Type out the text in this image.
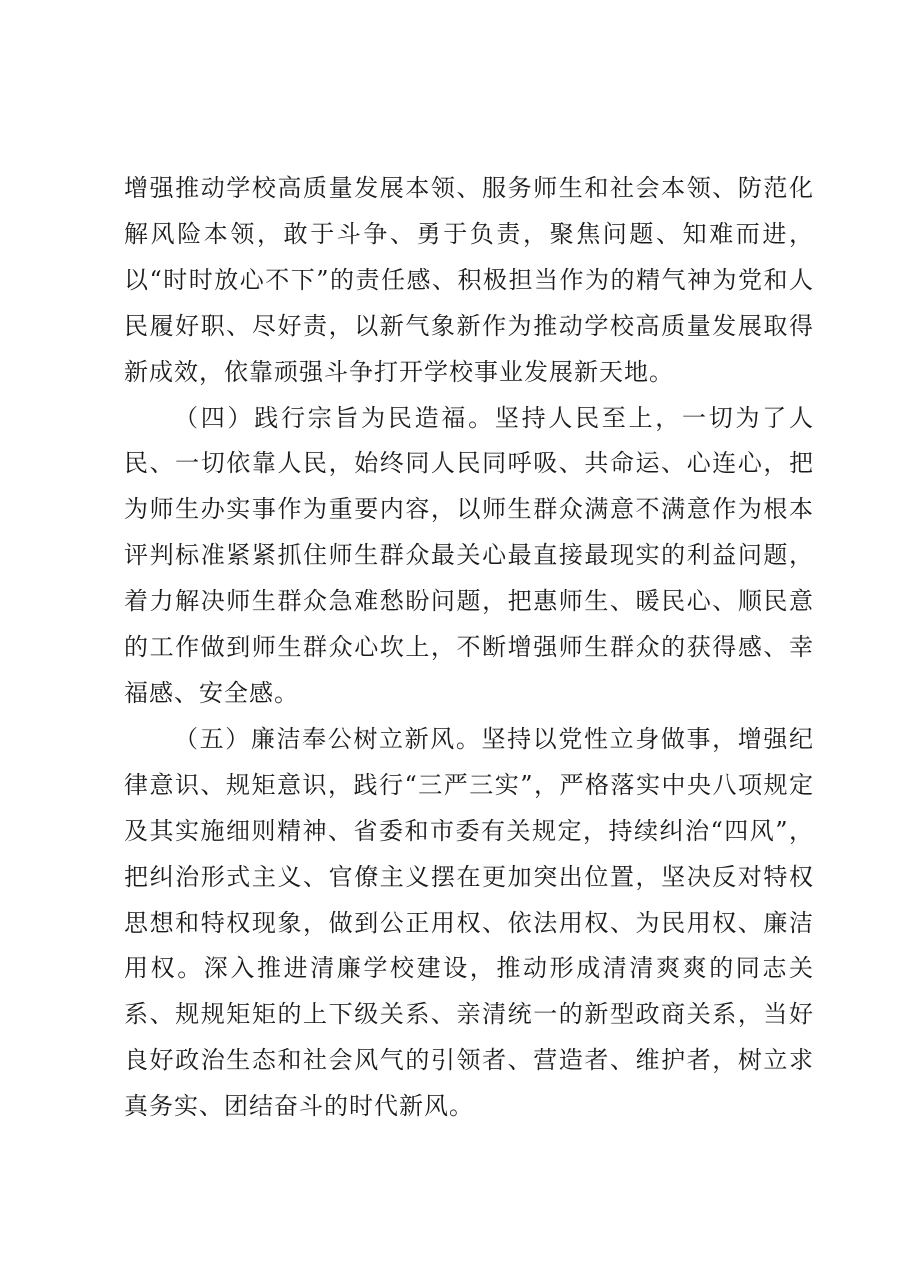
增强推动学校高质量发展本领、服务师生和社会本领、防范化解风险本领，敢于斗争、勇于负责，聚焦问题、知难而进，以“时时放心不下”的责任感、积极担当作为的精气神为党和人民履好职、尽好责，以新气象新作为推动学校高质量发展取得新成效，依靠顽强斗争打开学校事业发展新天地。

（四）践行宗旨为民造福。坚持人民至上，一切为了人民、一切依靠人民，始终同人民同呼吸、共命运、心连心，把为师生办实事作为重要内容，以师生群众满意不满意作为根本评判标准紧紧抓住师生群众最关心最直接最现实的利益问题，着力解决师生群众急难愁盼问题，把惠师生、暖民心、顺民意的工作做到师生群众心坎上，不断增强师生群众的获得感、幸福感、安全感。

（五）廉洁奉公树立新风。坚持以党性立身做事，增强纪律意识、规矩意识，践行“三严三实”，严格落实中央八项规定及其实施细则精神、省委和市委有关规定，持续纠治“四风”，把纠治形式主义、官僚主义摆在更加突出位置，坚决反对特权思想和特权现象，做到公正用权、依法用权、为民用权、廉洁用权。深入推进清廉学校建设，推动形成清清爽爽的同志关系、规规矩矩的上下级关系、亲清统一的新型政商关系，当好良好政治生态和社会风气的引领者、营造者、维护者，树立求真务实、团结奋斗的时代新风。
